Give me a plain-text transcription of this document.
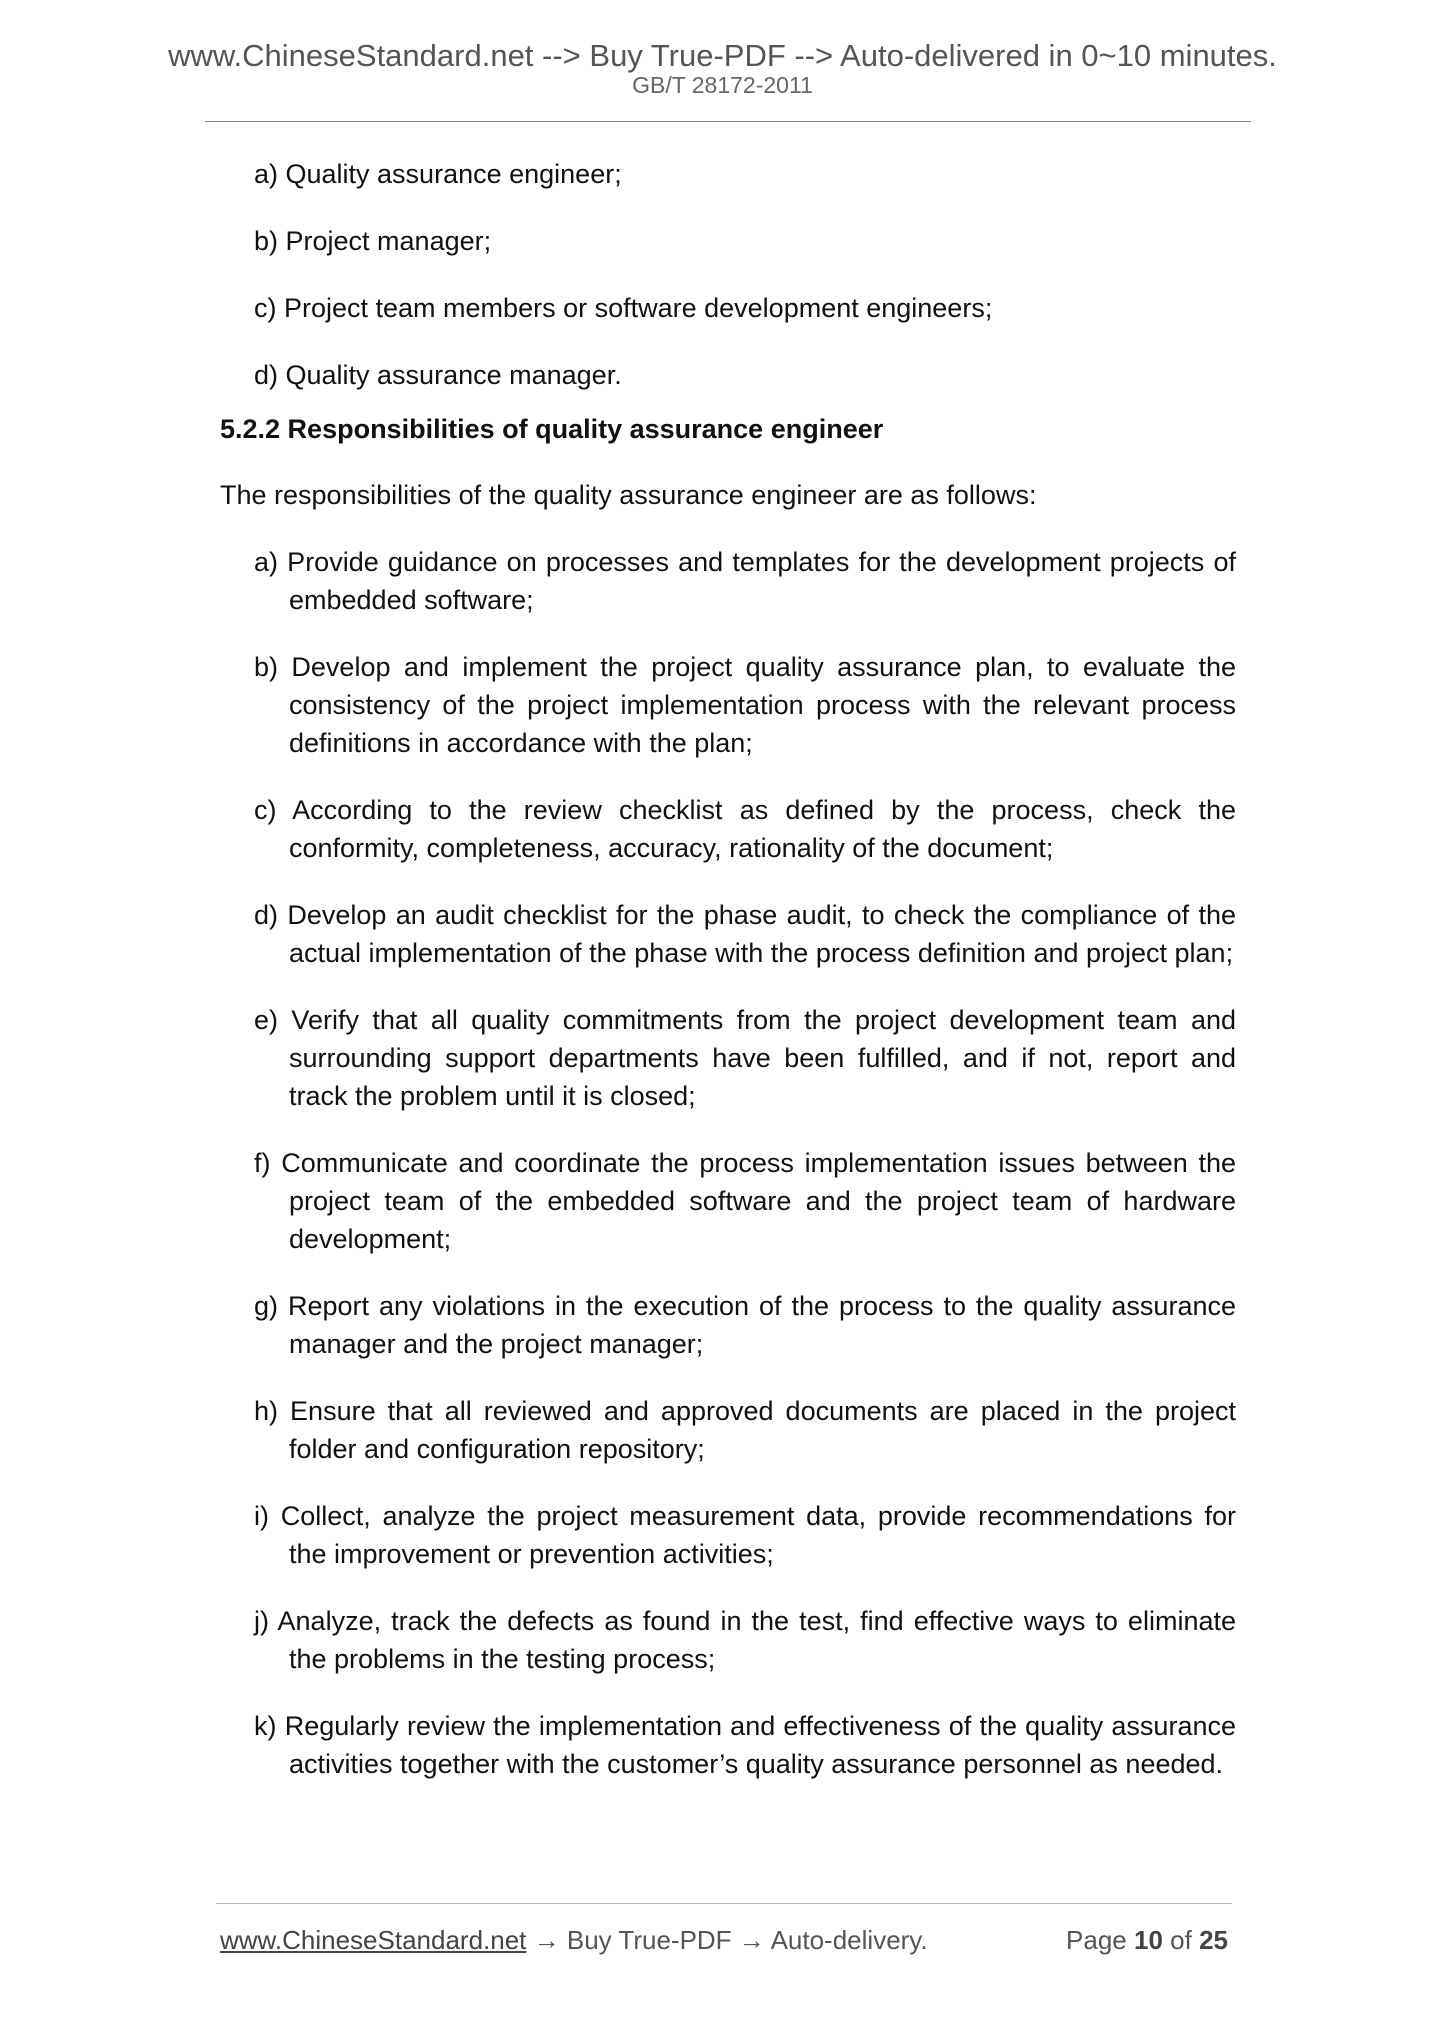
www.ChineseStandard.net --> Buy True-PDF --> Auto-delivered in 0~10 minutes.
GB/T 28172-2011
a) Quality assurance engineer;
b) Project manager;
c) Project team members or software development engineers;
d) Quality assurance manager.
5.2.2 Responsibilities of quality assurance engineer
The responsibilities of the quality assurance engineer are as follows:
a) Provide guidance on processes and templates for the development projects of embedded software;
b) Develop and implement the project quality assurance plan, to evaluate the consistency of the project implementation process with the relevant process definitions in accordance with the plan;
c) According to the review checklist as defined by the process, check the conformity, completeness, accuracy, rationality of the document;
d) Develop an audit checklist for the phase audit, to check the compliance of the actual implementation of the phase with the process definition and project plan;
e) Verify that all quality commitments from the project development team and surrounding support departments have been fulfilled, and if not, report and track the problem until it is closed;
f) Communicate and coordinate the process implementation issues between the project team of the embedded software and the project team of hardware development;
g) Report any violations in the execution of the process to the quality assurance manager and the project manager;
h) Ensure that all reviewed and approved documents are placed in the project folder and configuration repository;
i) Collect, analyze the project measurement data, provide recommendations for the improvement or prevention activities;
j) Analyze, track the defects as found in the test, find effective ways to eliminate the problems in the testing process;
k) Regularly review the implementation and effectiveness of the quality assurance activities together with the customer’s quality assurance personnel as needed.
www.ChineseStandard.net → Buy True-PDF → Auto-delivery.	Page 10 of 25
